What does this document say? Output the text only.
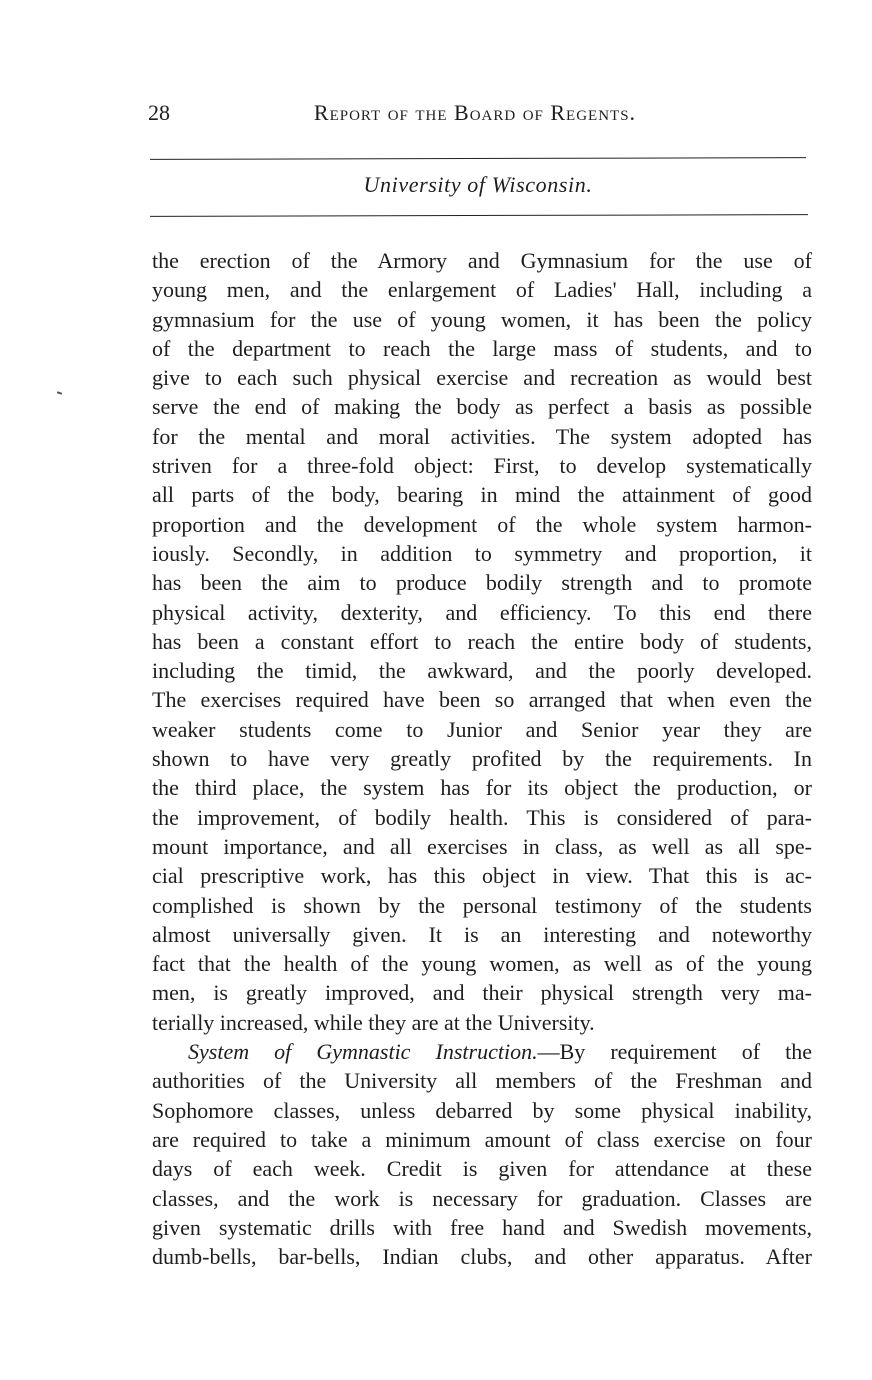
28	Report of the Board of Regents.
University of Wisconsin.
the erection of the Armory and Gymnasium for the use of
young men, and the enlargement of Ladies' Hall, including a
gymnasium for the use of young women, it has been the policy
of the department to reach the large mass of students, and to
give to each such physical exercise and recreation as would best
serve the end of making the body as perfect a basis as possible
for the mental and moral activities. The system adopted has
striven for a three-fold object: First, to develop systematically
all parts of the body, bearing in mind the attainment of good
proportion and the development of the whole system harmon-
iously. Secondly, in addition to symmetry and proportion, it
has been the aim to produce bodily strength and to promote
physical activity, dexterity, and efficiency. To this end there
has been a constant effort to reach the entire body of students,
including the timid, the awkward, and the poorly developed.
The exercises required have been so arranged that when even the
weaker students come to Junior and Senior year they are
shown to have very greatly profited by the requirements. In
the third place, the system has for its object the production, or
the improvement, of bodily health. This is considered of para-
mount importance, and all exercises in class, as well as all spe-
cial prescriptive work, has this object in view. That this is ac-
complished is shown by the personal testimony of the students
almost universally given. It is an interesting and noteworthy
fact that the health of the young women, as well as of the young
men, is greatly improved, and their physical strength very ma-
terially increased, while they are at the University.
System of Gymnastic Instruction.—By requirement of the
authorities of the University all members of the Freshman and
Sophomore classes, unless debarred by some physical inability,
are required to take a minimum amount of class exercise on four
days of each week. Credit is given for attendance at these
classes, and the work is necessary for graduation. Classes are
given systematic drills with free hand and Swedish movements,
dumb-bells, bar-bells, Indian clubs, and other apparatus. After
